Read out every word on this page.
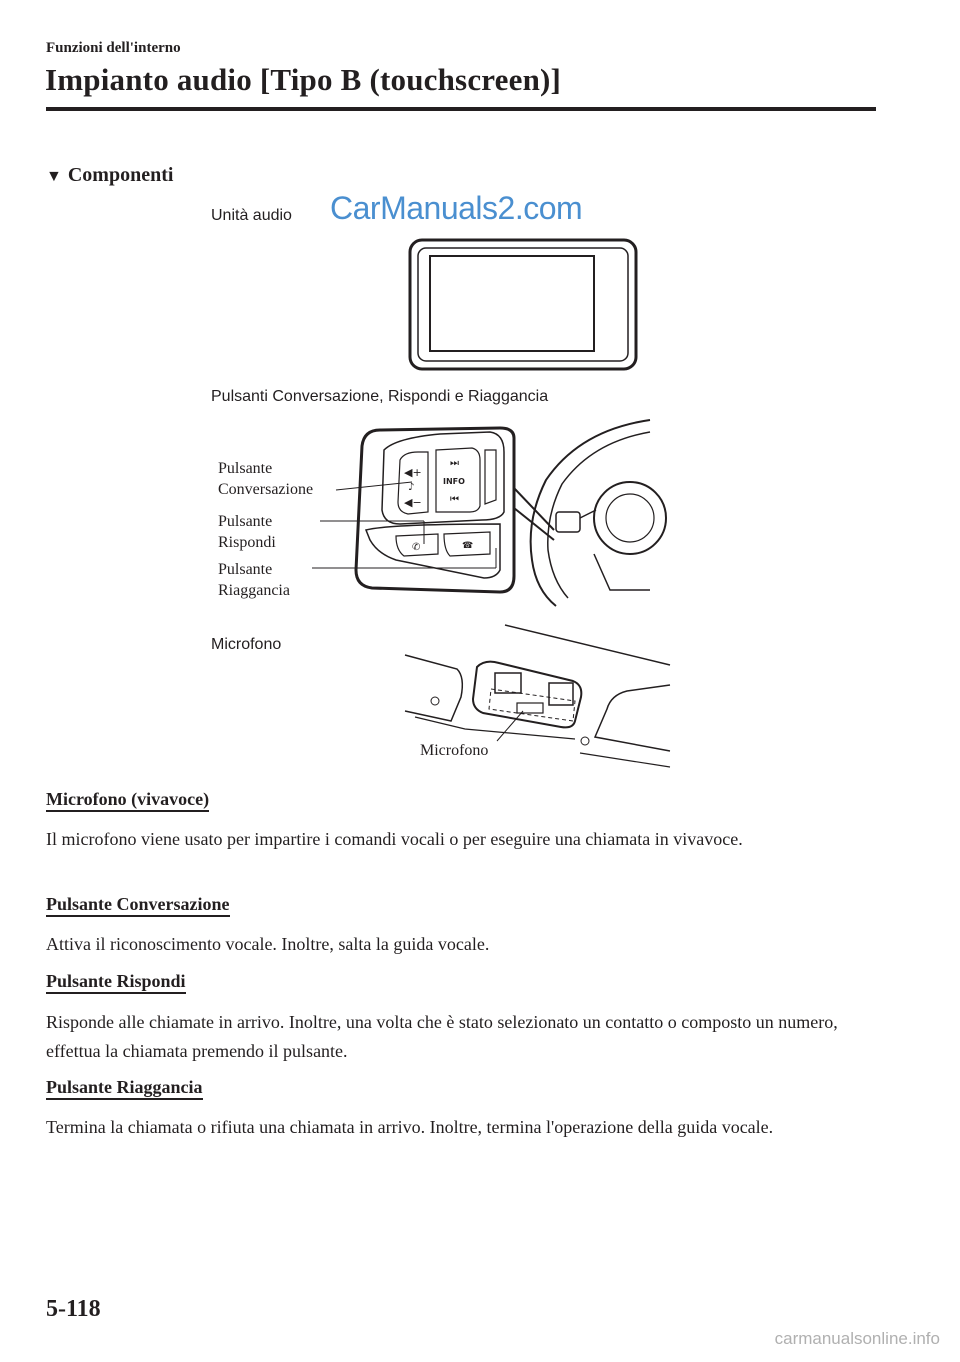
Funzioni dell'interno
Impianto audio [Tipo B (touchscreen)]
▼ Componenti
Unità audio CarManuals2.com
Pulsanti Conversazione, Rispondi e Riaggancia
Pulsante
Conversazione
Pulsante
Rispondi
Pulsante
Riaggancia
◀+
♪
◀−
⏭
INFO
⏮
✆	☎
Microfono
Microfono
Microfono (vivavoce)
Il microfono viene usato per impartire i comandi vocali o per eseguire una chiamata in vivavoce.
Pulsante Conversazione
Attiva il riconoscimento vocale. Inoltre, salta la guida vocale.
Pulsante Rispondi
Risponde alle chiamate in arrivo. Inoltre, una volta che è stato selezionato un contatto o composto un numero, effettua la chiamata premendo il pulsante.
Pulsante Riaggancia
Termina la chiamata o rifiuta una chiamata in arrivo. Inoltre, termina l'operazione della guida vocale.
5-118
carmanualsonline.info
